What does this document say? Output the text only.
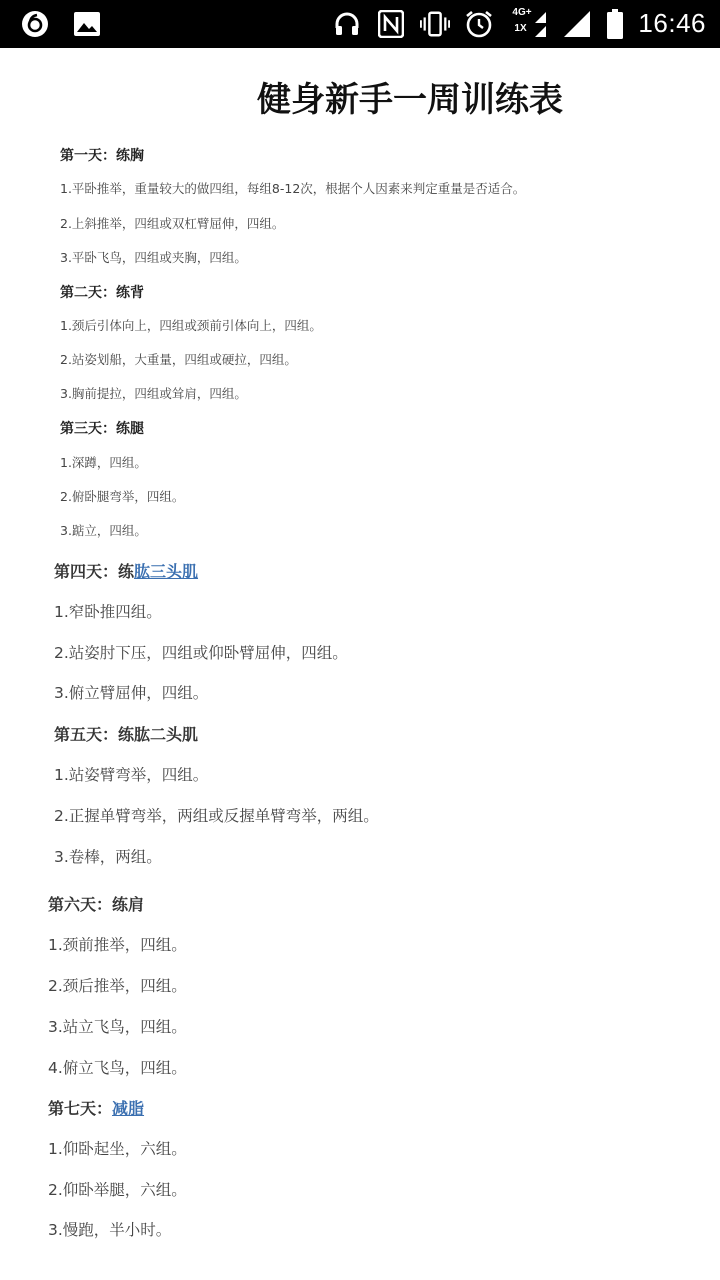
4G+
1X	16:46
健身新手一周训练表
第一天：练胸
1.平卧推举，重量较大的做四组，每组8-12次，根据个人因素来判定重量是否适合。
2.上斜推举，四组或双杠臂屈伸，四组。
3.平卧飞鸟，四组或夹胸，四组。
第二天：练背
1.颈后引体向上，四组或颈前引体向上，四组。
2.站姿划船，大重量，四组或硬拉，四组。
3.胸前提拉，四组或耸肩，四组。
第三天：练腿
1.深蹲，四组。
2.俯卧腿弯举，四组。
3.踮立，四组。
第四天：练肱三头肌
1.窄卧推四组。
2.站姿肘下压，四组或仰卧臂屈伸，四组。
3.俯立臂屈伸，四组。
第五天：练肱二头肌
1.站姿臂弯举，四组。
2.正握单臂弯举，两组或反握单臂弯举，两组。
3.卷棒，两组。
第六天：练肩
1.颈前推举，四组。
2.颈后推举，四组。
3.站立飞鸟，四组。
4.俯立飞鸟，四组。
第七天：减脂
1.仰卧起坐，六组。
2.仰卧举腿，六组。
3.慢跑，半小时。
